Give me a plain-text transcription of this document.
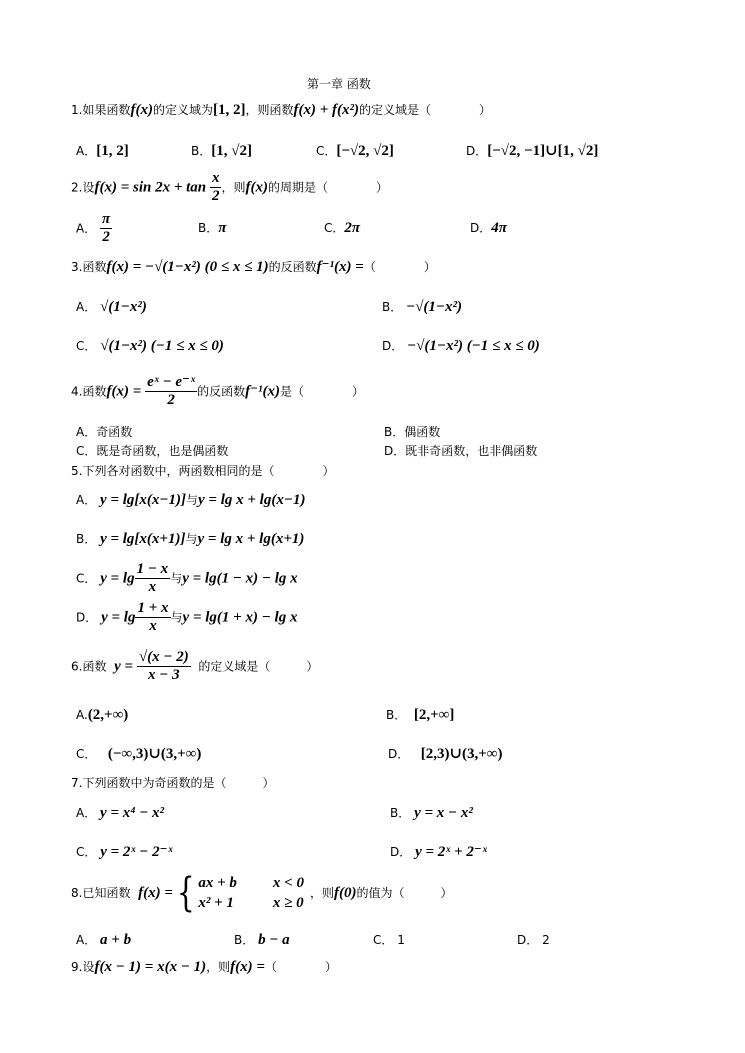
第一章 函数
1.如果函数f(x)的定义域为[1, 2]，则函数f(x) + f(x²)的定义域是（　　　　）
A．[1, 2]	B．[1, √2]	C．[−√2, √2]	D．[−√2, −1]∪[1, √2]
2.设$f(x) = \sin 2x + \tan \frac{x}{2}$ ，则f(x)的周期是（　　　　）
A． $\frac{\pi}{2}$	B．π	C．2π	D．4π
3.函数f(x) = −√(1−x²) (0 ≤ x ≤ 1)的反函数f⁻¹(x) =（　　　　）
A． √(1−x²)	B． −√(1−x²)
C． √(1−x²) (−1 ≤ x ≤ 0)	D． −√(1−x²) (−1 ≤ x ≤ 0)
4.函数$f(x) = \frac{\text{eˣ − e⁻ˣ}}{2}$ 的反函数f⁻¹(x)是（　　　　）
A．奇函数	B．偶函数
C．既是奇函数，也是偶函数	D．既非奇函数，也非偶函数
5.下列各对函数中，两函数相同的是（　　　　）
A． y = lg[x(x−1)]与y = lg x + lg(x−1)
B． y = lg[x(x+1)]与y = lg x + lg(x+1)
C． $y = \lg \frac{1 - x}{x}$ 与y = lg(1 − x) − lg x
D． $y = \lg \frac{1 + x}{x}$ 与y = lg(1 + x) − lg x
6.函数 $y = \frac{√(x - 2)}{x - 3}$ 的定义域是（　　　）
A.(2,+∞)	B． [2,+∞]
C． (−∞,3)∪(3,+∞)	D． [2,3)∪(3,+∞)
7.下列函数中为奇函数的是（　　　）
A． y = x⁴ − x²	B． y = x − x²
C． y = 2ˣ − 2⁻ˣ	D． y = 2ˣ + 2⁻ˣ
8.已知函数 f(x) ={ ax + b	x < 0
x² + 1	x ≥ 0，则f(0)的值为（　　　）
A． a + b	B． b − a	C． 1	D． 2
9.设f(x − 1) = x(x − 1)，则f(x) =（　　　　）
